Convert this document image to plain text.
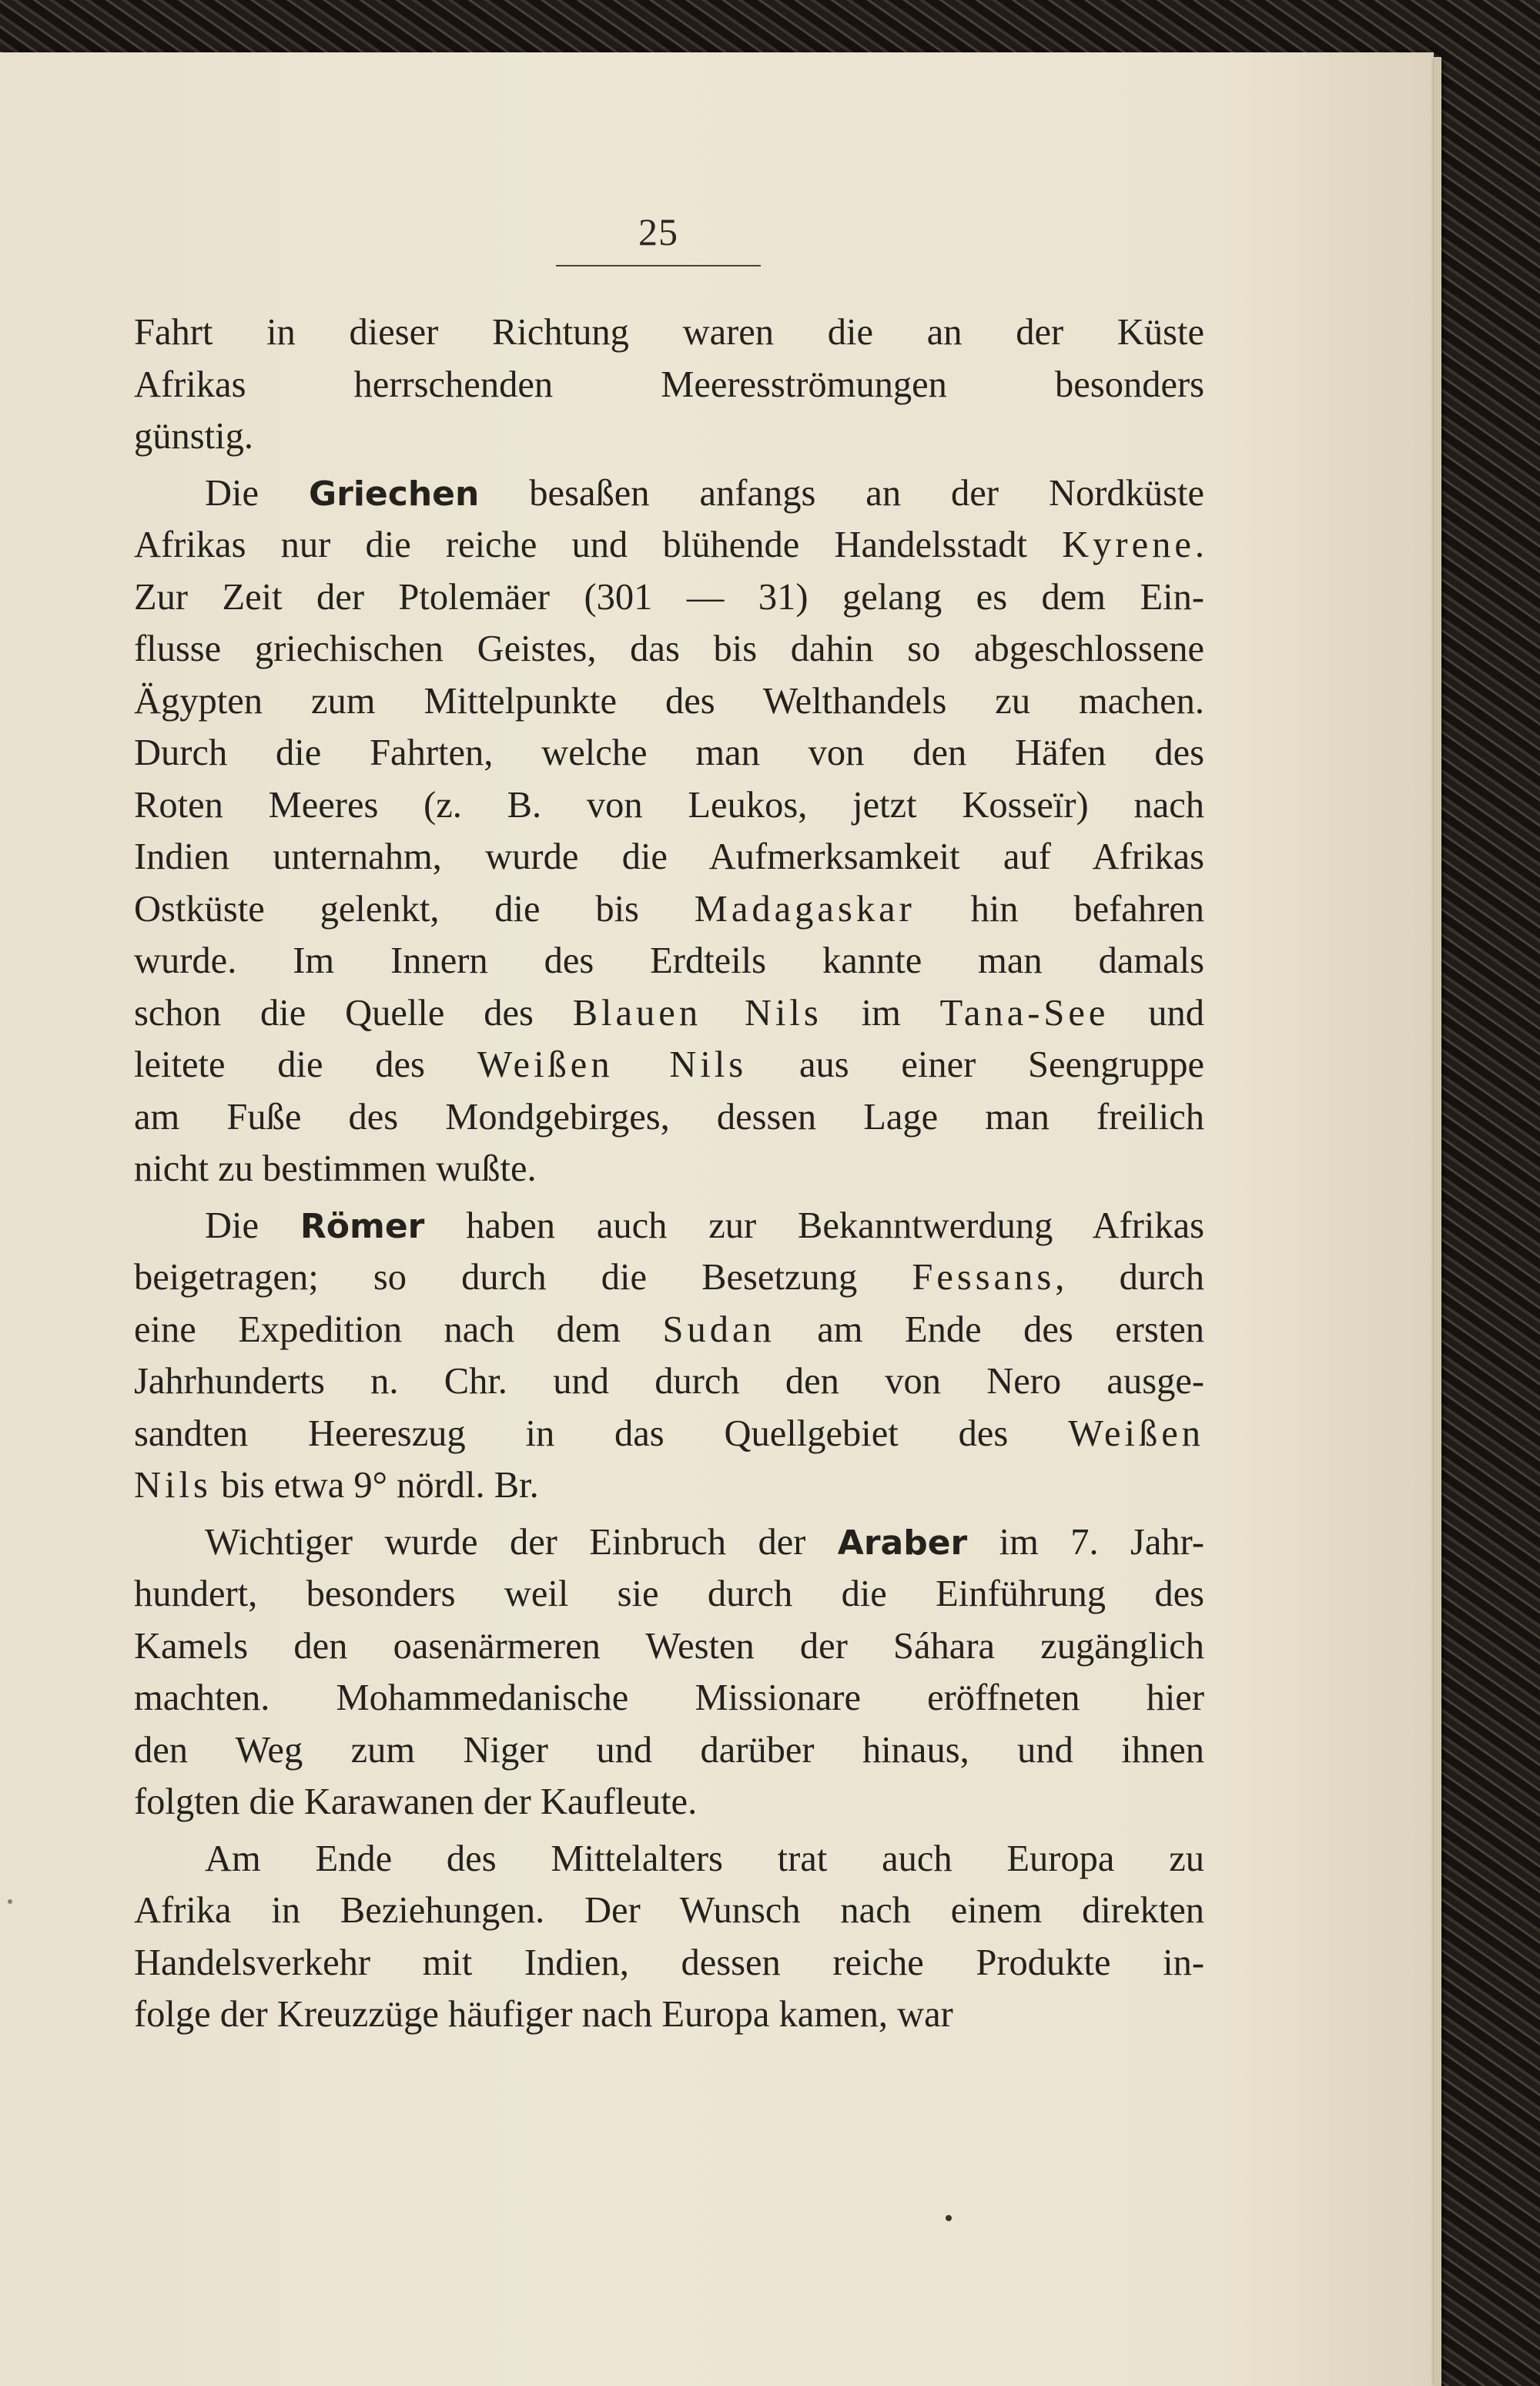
25
Fahrt in dieser Richtung waren die an der Küste
Afrikas herrschenden Meeresströmungen besonders
günstig.
Die Griechen besaßen anfangs an der Nordküste
Afrikas nur die reiche und blühende Handelsstadt Kyrene.
Zur Zeit der Ptolemäer (301 — 31) gelang es dem Ein-
flusse griechischen Geistes, das bis dahin so abgeschlossene
Ägypten zum Mittelpunkte des Welthandels zu machen.
Durch die Fahrten, welche man von den Häfen des
Roten Meeres (z. B. von Leukos, jetzt Kosseïr) nach
Indien unternahm, wurde die Aufmerksamkeit auf Afrikas
Ostküste gelenkt, die bis Madagaskar hin befahren
wurde. Im Innern des Erdteils kannte man damals
schon die Quelle des Blauen Nils im Tana-See und
leitete die des Weißen Nils aus einer Seengruppe
am Fuße des Mondgebirges, dessen Lage man freilich
nicht zu bestimmen wußte.
Die Römer haben auch zur Bekanntwerdung Afrikas
beigetragen; so durch die Besetzung Fessans, durch
eine Expedition nach dem Sudan am Ende des ersten
Jahrhunderts n. Chr. und durch den von Nero ausge-
sandten Heereszug in das Quellgebiet des Weißen
Nils bis etwa 9° nördl. Br.
Wichtiger wurde der Einbruch der Araber im 7. Jahr-
hundert, besonders weil sie durch die Einführung des
Kamels den oasenärmeren Westen der Sáhara zugänglich
machten. Mohammedanische Missionare eröffneten hier
den Weg zum Niger und darüber hinaus, und ihnen
folgten die Karawanen der Kaufleute.
Am Ende des Mittelalters trat auch Europa zu
Afrika in Beziehungen. Der Wunsch nach einem direkten
Handelsverkehr mit Indien, dessen reiche Produkte in-
folge der Kreuzzüge häufiger nach Europa kamen, war
